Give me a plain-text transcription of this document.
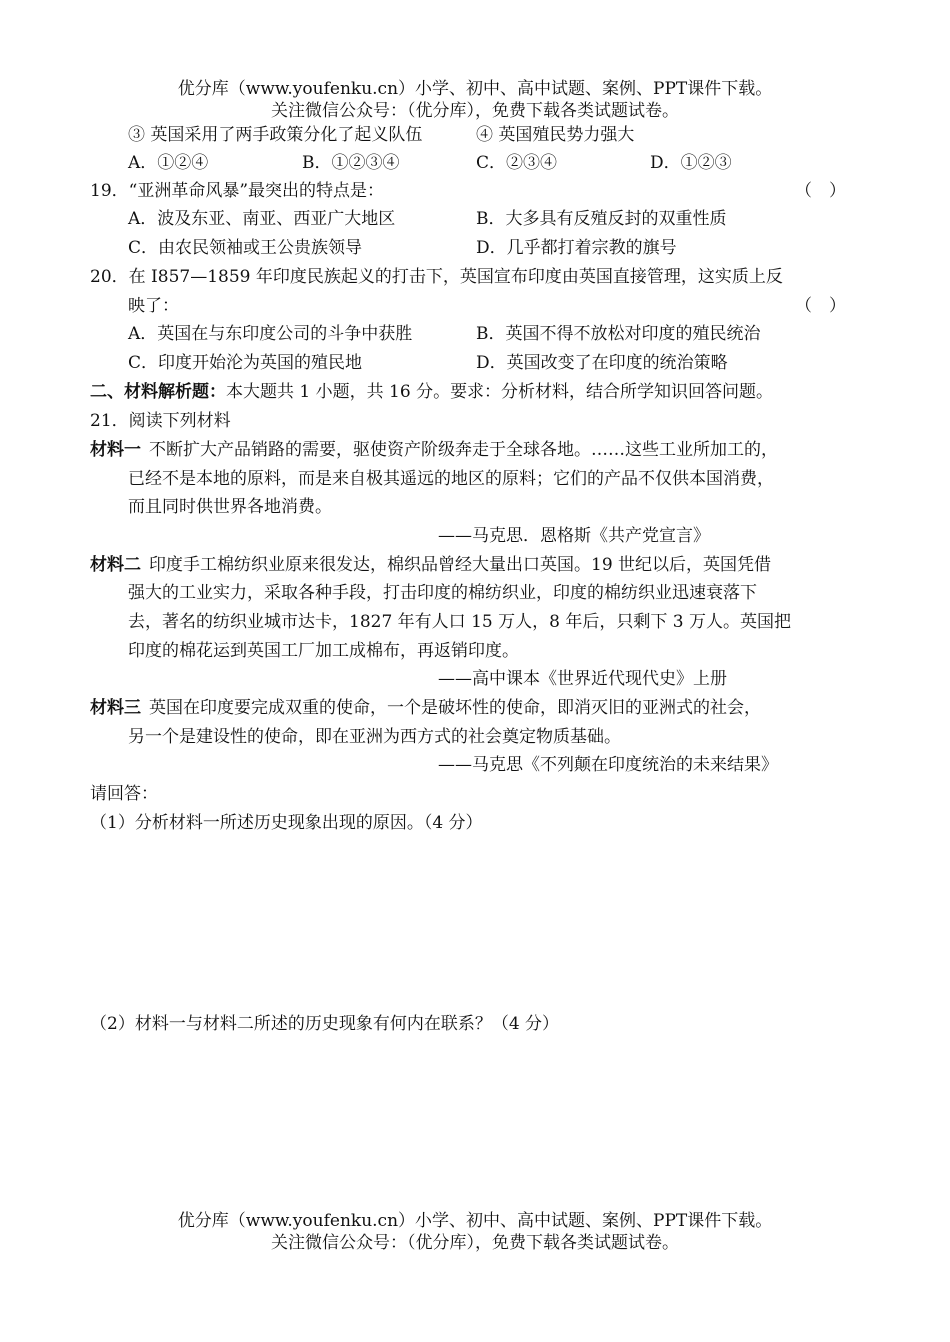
优分库（www.youfenku.cn）小学、初中、高中试题、案例、PPT课件下载。
关注微信公众号：（优分库），免费下载各类试题试卷。
③ 英国采用了两手政策分化了起义队伍	④ 英国殖民势力强大
A．①②④	B．①②③④	C．②③④	D．①②③
19．“亚洲革命风暴”最突出的特点是：	（　）
A．波及东亚、南亚、西亚广大地区	B．大多具有反殖反封的双重性质
C．由农民领袖或王公贵族领导	D．几乎都打着宗教的旗号
20．在 I857—1859 年印度民族起义的打击下，英国宣布印度由英国直接管理，这实质上反
映了：	（　）
A．英国在与东印度公司的斗争中获胜	B．英国不得不放松对印度的殖民统治
C．印度开始沦为英国的殖民地	D．英国改变了在印度的统治策略
二、材料解析题：本大题共 1 小题，共 16 分。要求：分析材料，结合所学知识回答问题。
21．阅读下列材料
材料一 不断扩大产品销路的需要，驱使资产阶级奔走于全球各地。……这些工业所加工的，
已经不是本地的原料，而是来自极其遥远的地区的原料；它们的产品不仅供本国消费，
而且同时供世界各地消费。
——马克思．恩格斯《共产党宣言》
材料二 印度手工棉纺织业原来很发达，棉织品曾经大量出口英国。19 世纪以后，英国凭借
强大的工业实力，采取各种手段，打击印度的棉纺织业，印度的棉纺织业迅速衰落下
去，著名的纺织业城市达卡，1827 年有人口 15 万人，8 年后，只剩下 3 万人。英国把
印度的棉花运到英国工厂加工成棉布，再返销印度。
——高中课本《世界近代现代史》上册
材料三 英国在印度要完成双重的使命，一个是破坏性的使命，即消灭旧的亚洲式的社会，
另一个是建设性的使命，即在亚洲为西方式的社会奠定物质基础。
——马克思《不列颠在印度统治的未来结果》
请回答：
（1）分析材料一所述历史现象出现的原因。（4 分）
（2）材料一与材料二所述的历史现象有何内在联系？（4 分）
优分库（www.youfenku.cn）小学、初中、高中试题、案例、PPT课件下载。
关注微信公众号：（优分库），免费下载各类试题试卷。
